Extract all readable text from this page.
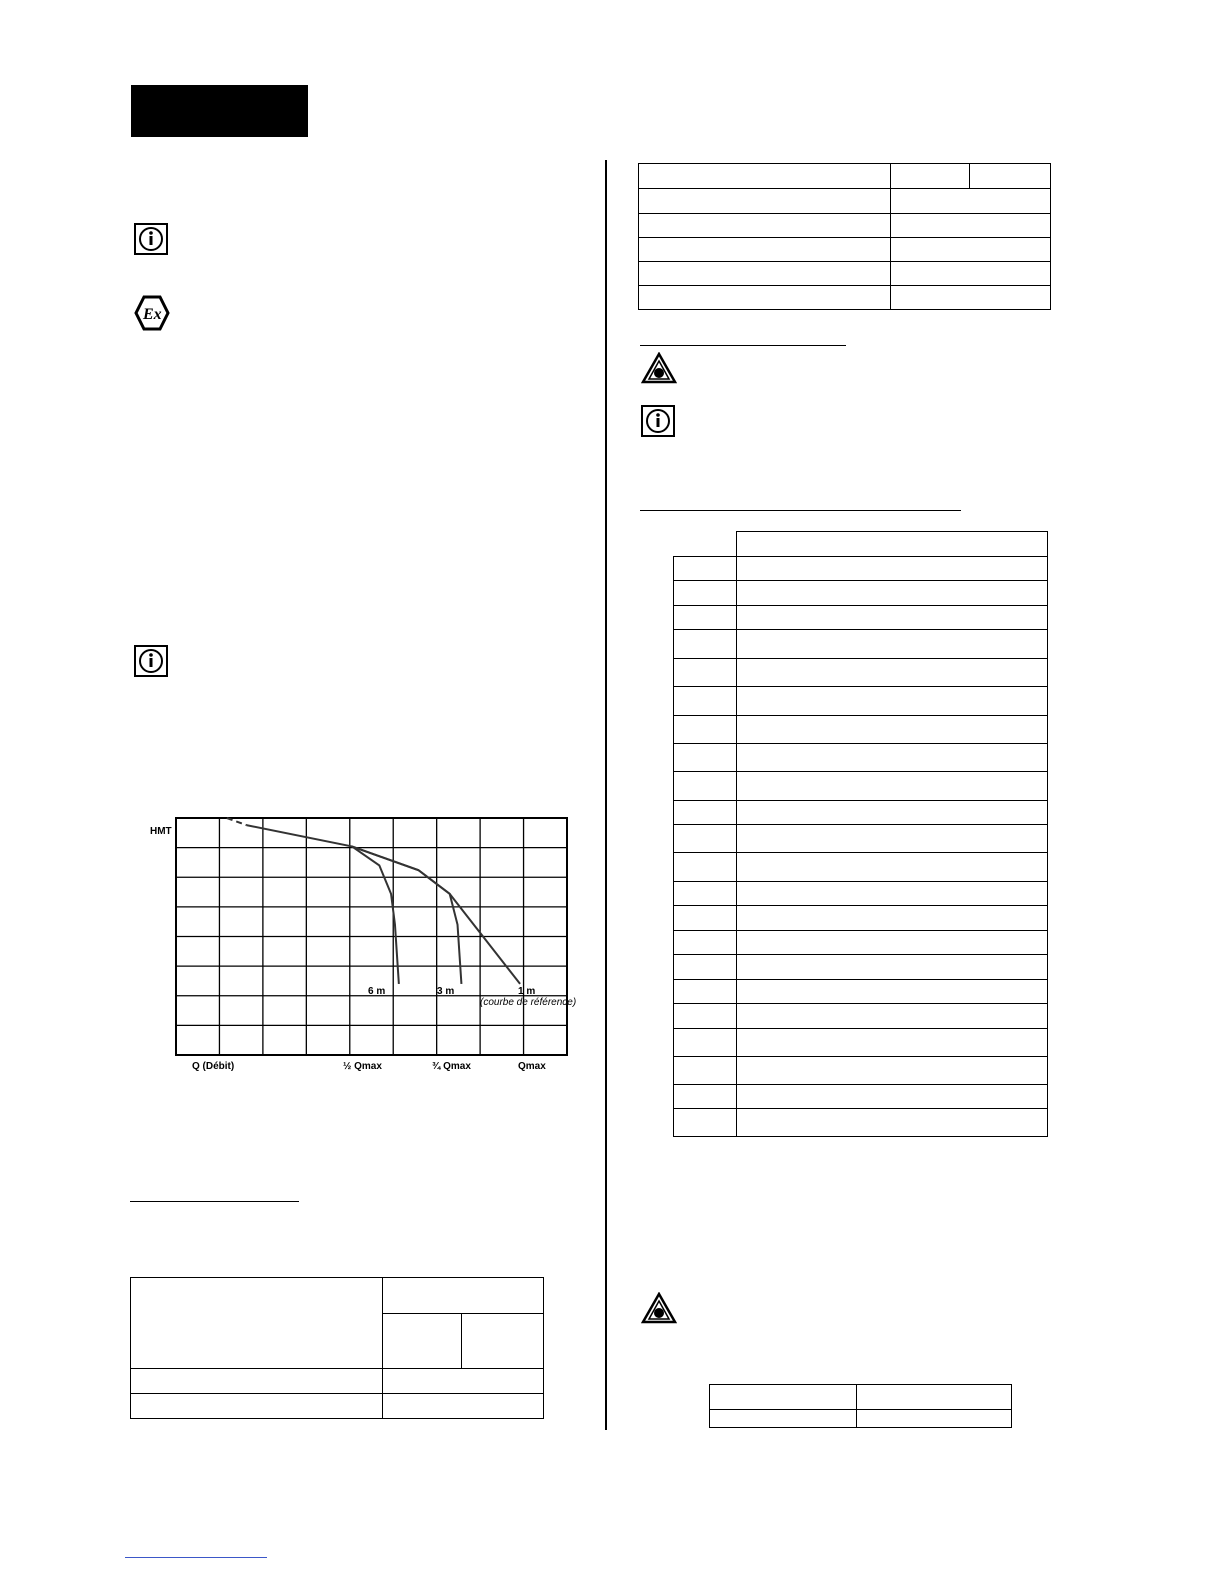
Ex
HMT
Q (Débit)	½ Qmax	¾ Qmax	Qmax
6 m	3 m	1 m
(courbe de référence)
